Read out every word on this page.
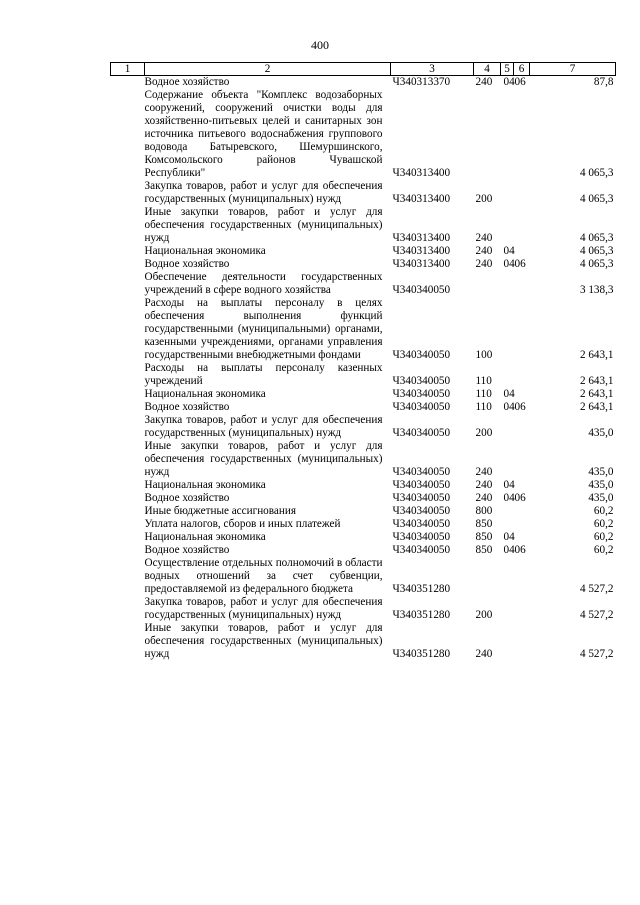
400
1	2	3	4	5	6	7
	Водное хозяйство	Ч340313370	240	04	06	87,8
	Содержание объекта "Комплекс водозаборных сооружений, сооружений очистки воды для хозяйственно-питьевых целей и санитарных зон источника питьевого водоснабжения группового водовода Батыревского, Шемуршинского, Комсомольского районов Чувашской Республики"	Ч340313400				4 065,3
	Закупка товаров, работ и услуг для обеспечения государственных (муниципальных) нужд	Ч340313400	200			4 065,3
	Иные закупки товаров, работ и услуг для обеспечения государственных (муниципальных) нужд	Ч340313400	240			4 065,3
	Национальная экономика	Ч340313400	240	04		4 065,3
	Водное хозяйство	Ч340313400	240	04	06	4 065,3
	Обеспечение деятельности государственных учреждений в сфере водного хозяйства	Ч340340050				3 138,3
	Расходы на выплаты персоналу в целях обеспечения выполнения функций государственными (муниципальными) органами, казенными учреждениями, органами управления государственными внебюджетными фондами	Ч340340050	100			2 643,1
	Расходы на выплаты персоналу казенных учреждений	Ч340340050	110			2 643,1
	Национальная экономика	Ч340340050	110	04		2 643,1
	Водное хозяйство	Ч340340050	110	04	06	2 643,1
	Закупка товаров, работ и услуг для обеспечения государственных (муниципальных) нужд	Ч340340050	200			435,0
	Иные закупки товаров, работ и услуг для обеспечения государственных (муниципальных) нужд	Ч340340050	240			435,0
	Национальная экономика	Ч340340050	240	04		435,0
	Водное хозяйство	Ч340340050	240	04	06	435,0
	Иные бюджетные ассигнования	Ч340340050	800			60,2
	Уплата налогов, сборов и иных платежей	Ч340340050	850			60,2
	Национальная экономика	Ч340340050	850	04		60,2
	Водное хозяйство	Ч340340050	850	04	06	60,2
	Осуществление отдельных полномочий в области водных отношений за счет субвенции, предоставляемой из федерального бюджета	Ч340351280				4 527,2
	Закупка товаров, работ и услуг для обеспечения государственных (муниципальных) нужд	Ч340351280	200			4 527,2
	Иные закупки товаров, работ и услуг для обеспечения государственных (муниципальных) нужд	Ч340351280	240			4 527,2
